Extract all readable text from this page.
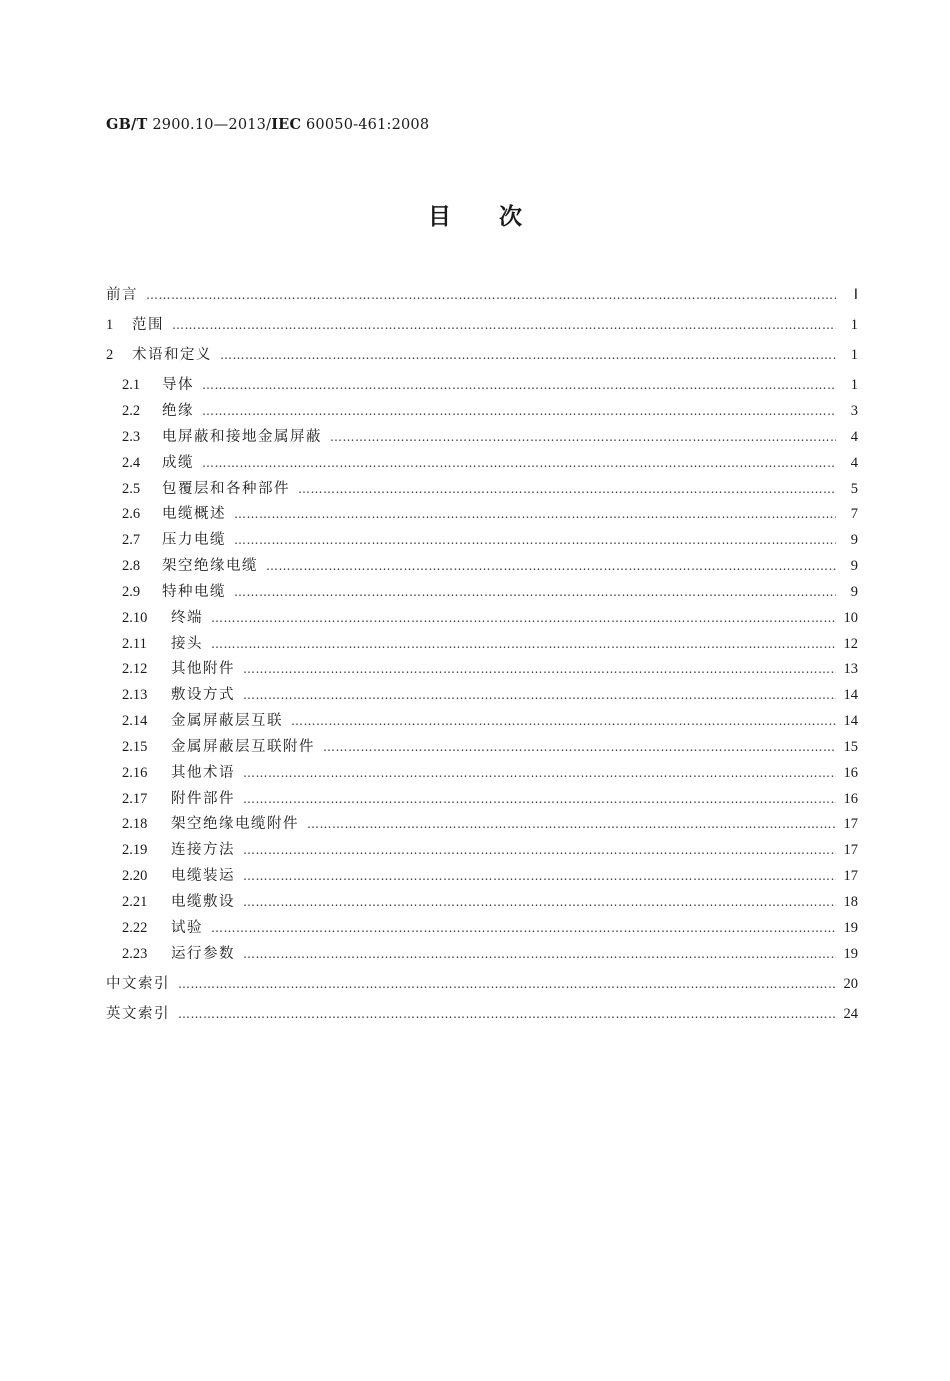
GB/T 2900.10—2013/IEC 60050-461:2008
目次
前言 ……………………………………………………………………………………………………………………………………………………………………………………………………………………………………………………………………………………………………………………………………………	Ⅰ
1	范围 ……………………………………………………………………………………………………………………………………………………………………………………………………………………………………………………………………………………………………………………………………………	1
2	术语和定义 ……………………………………………………………………………………………………………………………………………………………………………………………………………………………………………………………………………………………………………………………………………	1
2.1	导体 ……………………………………………………………………………………………………………………………………………………………………………………………………………………………………………………………………………………………………………………………………………	1
2.2	绝缘 ……………………………………………………………………………………………………………………………………………………………………………………………………………………………………………………………………………………………………………………………………………	3
2.3	电屏蔽和接地金属屏蔽 ……………………………………………………………………………………………………………………………………………………………………………………………………………………………………………………………………………………………………………………………………………	4
2.4	成缆 ……………………………………………………………………………………………………………………………………………………………………………………………………………………………………………………………………………………………………………………………………………	4
2.5	包覆层和各种部件 ……………………………………………………………………………………………………………………………………………………………………………………………………………………………………………………………………………………………………………………………………………	5
2.6	电缆概述 ……………………………………………………………………………………………………………………………………………………………………………………………………………………………………………………………………………………………………………………………………………	7
2.7	压力电缆 ……………………………………………………………………………………………………………………………………………………………………………………………………………………………………………………………………………………………………………………………………………	9
2.8	架空绝缘电缆 ……………………………………………………………………………………………………………………………………………………………………………………………………………………………………………………………………………………………………………………………………………	9
2.9	特种电缆 ……………………………………………………………………………………………………………………………………………………………………………………………………………………………………………………………………………………………………………………………………………	9
2.10	终端 ……………………………………………………………………………………………………………………………………………………………………………………………………………………………………………………………………………………………………………………………………………	10
2.11	接头 ……………………………………………………………………………………………………………………………………………………………………………………………………………………………………………………………………………………………………………………………………………	12
2.12	其他附件 ……………………………………………………………………………………………………………………………………………………………………………………………………………………………………………………………………………………………………………………………………………	13
2.13	敷设方式 ……………………………………………………………………………………………………………………………………………………………………………………………………………………………………………………………………………………………………………………………………………	14
2.14	金属屏蔽层互联 ……………………………………………………………………………………………………………………………………………………………………………………………………………………………………………………………………………………………………………………………………………	14
2.15	金属屏蔽层互联附件 ……………………………………………………………………………………………………………………………………………………………………………………………………………………………………………………………………………………………………………………………………………	15
2.16	其他术语 ……………………………………………………………………………………………………………………………………………………………………………………………………………………………………………………………………………………………………………………………………………	16
2.17	附件部件 ……………………………………………………………………………………………………………………………………………………………………………………………………………………………………………………………………………………………………………………………………………	16
2.18	架空绝缘电缆附件 ……………………………………………………………………………………………………………………………………………………………………………………………………………………………………………………………………………………………………………………………………………	17
2.19	连接方法 ……………………………………………………………………………………………………………………………………………………………………………………………………………………………………………………………………………………………………………………………………………	17
2.20	电缆装运 ……………………………………………………………………………………………………………………………………………………………………………………………………………………………………………………………………………………………………………………………………………	17
2.21	电缆敷设 ……………………………………………………………………………………………………………………………………………………………………………………………………………………………………………………………………………………………………………………………………………	18
2.22	试验 ……………………………………………………………………………………………………………………………………………………………………………………………………………………………………………………………………………………………………………………………………………	19
2.23	运行参数 ……………………………………………………………………………………………………………………………………………………………………………………………………………………………………………………………………………………………………………………………………………	19
中文索引 ……………………………………………………………………………………………………………………………………………………………………………………………………………………………………………………………………………………………………………………………………………	20
英文索引 ……………………………………………………………………………………………………………………………………………………………………………………………………………………………………………………………………………………………………………………………………………	24
